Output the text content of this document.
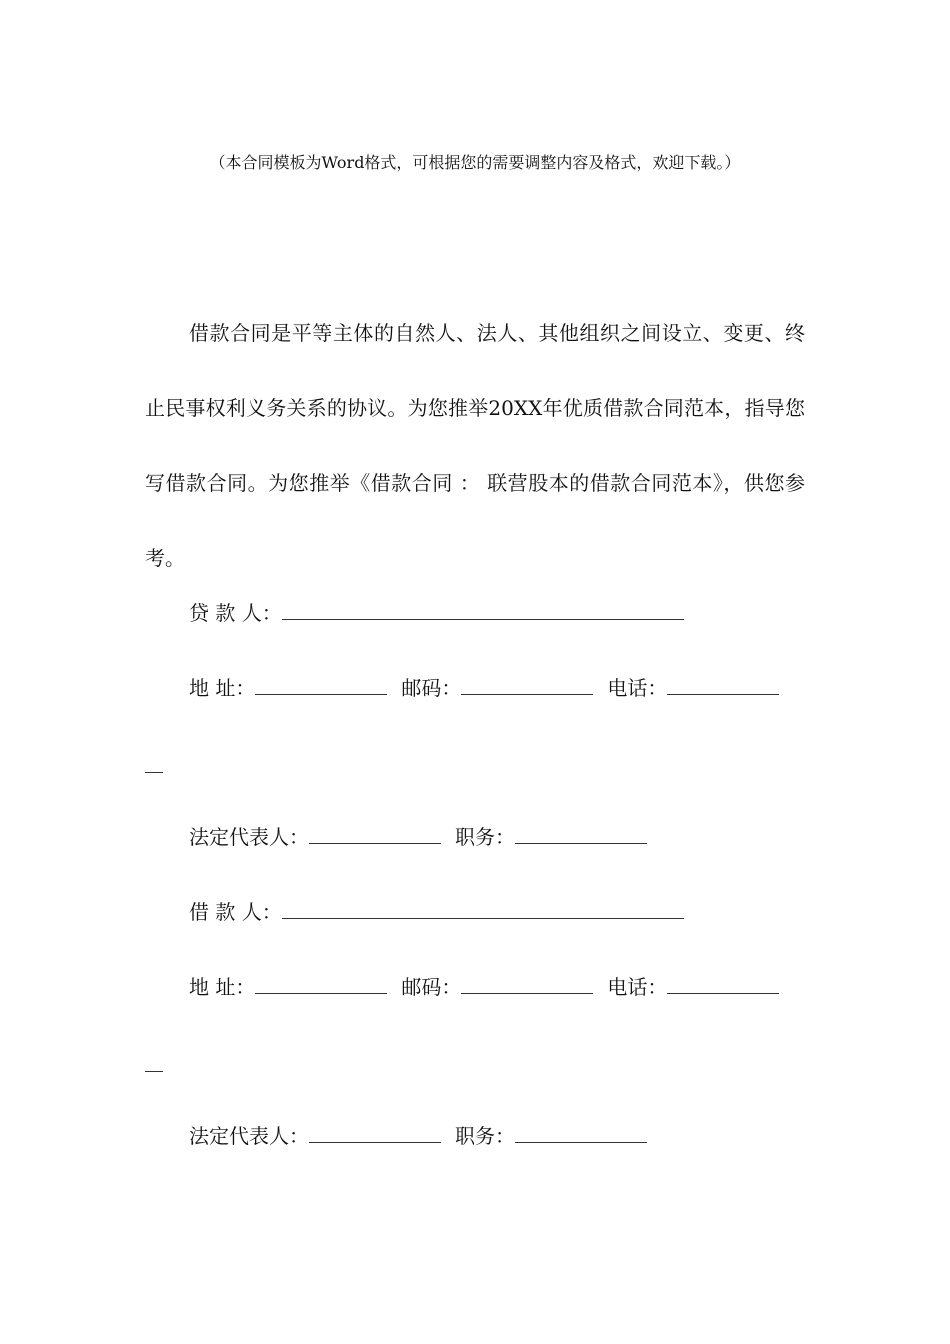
（本合同模板为Word格式，可根据您的需要调整内容及格式，欢迎下载。）

借款合同是平等主体的自然人、法人、其他组织之间设立、变更、终止民事权利义务关系的协议。为您推举20XX年优质借款合同范本，指导您写借款合同。为您推举《借款合同 ： 联营股本的借款合同范本》，供您参考。

贷 款 人：
地 址：	邮码：	电话：
法定代表人：	职务：
借 款 人：
地 址：	邮码：	电话：
法定代表人：	职务：
